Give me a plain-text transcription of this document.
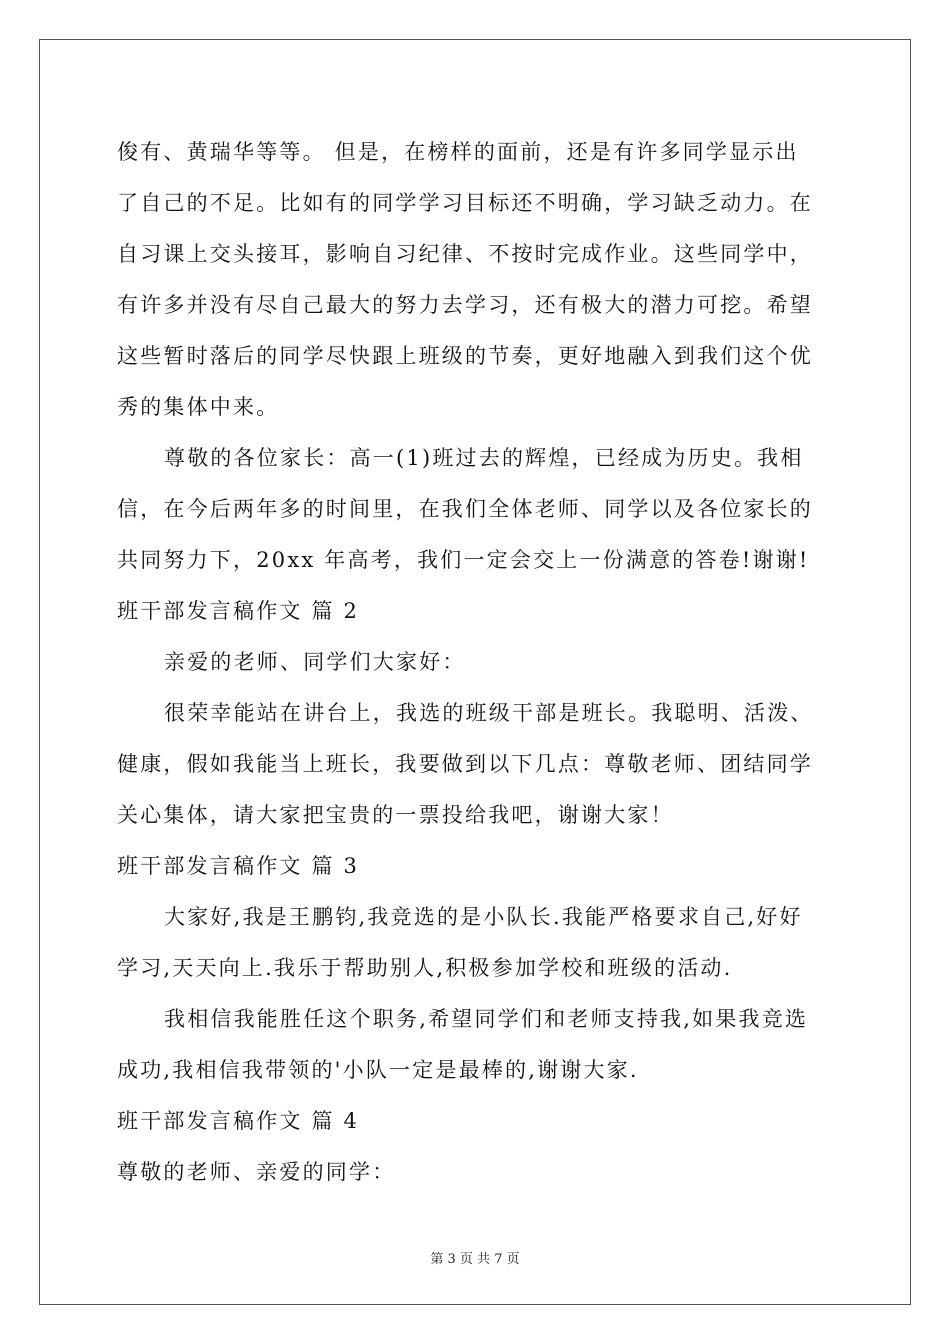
俊有、黄瑞华等等。 但是，在榜样的面前，还是有许多同学显示出
了自己的不足。比如有的同学学习目标还不明确，学习缺乏动力。在
自习课上交头接耳，影响自习纪律、不按时完成作业。这些同学中，
有许多并没有尽自己最大的努力去学习，还有极大的潜力可挖。希望
这些暂时落后的同学尽快跟上班级的节奏，更好地融入到我们这个优
秀的集体中来。
尊敬的各位家长：高一(1)班过去的辉煌，已经成为历史。我相
信，在今后两年多的时间里，在我们全体老师、同学以及各位家长的
共同努力下，20xx 年高考，我们一定会交上一份满意的答卷!谢谢!
班干部发言稿作文 篇 2
亲爱的老师、同学们大家好：
很荣幸能站在讲台上，我选的班级干部是班长。我聪明、活泼、
健康，假如我能当上班长，我要做到以下几点：尊敬老师、团结同学
关心集体，请大家把宝贵的一票投给我吧，谢谢大家！
班干部发言稿作文 篇 3
大家好,我是王鹏钧,我竞选的是小队长.我能严格要求自己,好好
学习,天天向上.我乐于帮助别人,积极参加学校和班级的活动.
我相信我能胜任这个职务,希望同学们和老师支持我,如果我竞选
成功,我相信我带领的'小队一定是最棒的,谢谢大家.
班干部发言稿作文 篇 4
尊敬的老师、亲爱的同学：
第 3 页 共 7 页
